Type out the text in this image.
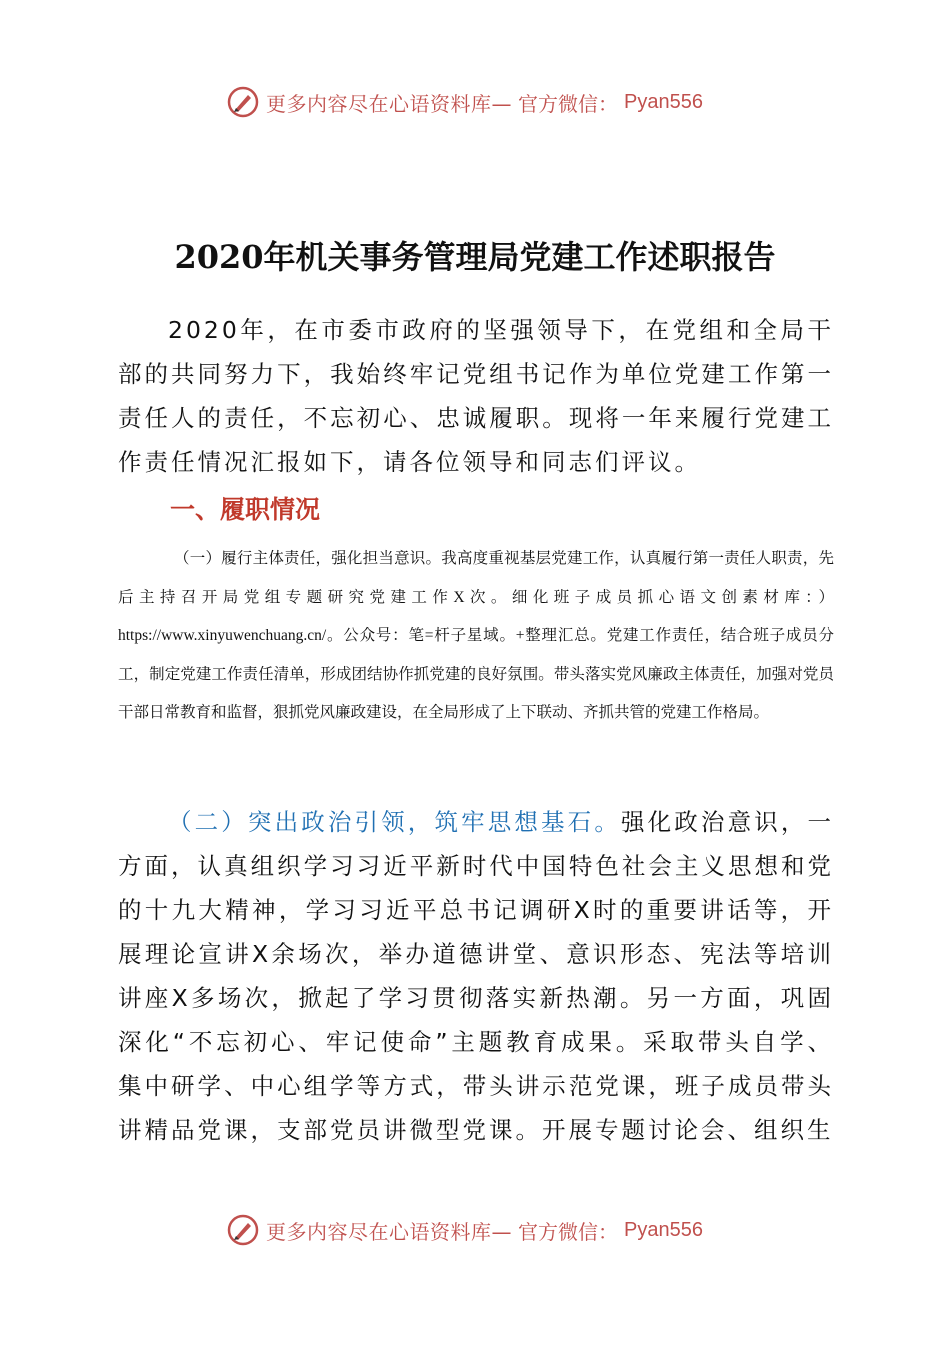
更多内容尽在心语资料库— 官方微信： Pyan556
2020年机关事务管理局党建工作述职报告

2020年，在市委市政府的坚强领导下，在党组和全局干部的共同努力下，我始终牢记党组书记作为单位党建工作第一责任人的责任，不忘初心、忠诚履职。现将一年来履行党建工作责任情况汇报如下，请各位领导和同志们评议。

一、履职情况

（一）履行主体责任，强化担当意识。我高度重视基层党建工作，认真履行第一责任人职责，先后主持召开局党组专题研究党建工作X次。细化班子成员抓心语文创素材库：）https://www.xinyuwenchuang.cn/。公众号：笔=杆子星域。+整理汇总。党建工作责任，结合班子成员分工，制定党建工作责任清单，形成团结协作抓党建的良好氛围。带头落实党风廉政主体责任，加强对党员干部日常教育和监督，狠抓党风廉政建设，在全局形成了上下联动、齐抓共管的党建工作格局。

（二）突出政治引领，筑牢思想基石。强化政治意识，一方面，认真组织学习习近平新时代中国特色社会主义思想和党的十九大精神，学习习近平总书记调研X时的重要讲话等，开展理论宣讲X余场次，举办道德讲堂、意识形态、宪法等培训讲座X多场次，掀起了学习贯彻落实新热潮。另一方面，巩固深化“不忘初心、牢记使命”主题教育成果。采取带头自学、集中研学、中心组学等方式，带头讲示范党课，班子成员带头讲精品党课，支部党员讲微型党课。开展专题讨论会、组织生

更多内容尽在心语资料库— 官方微信： Pyan556
